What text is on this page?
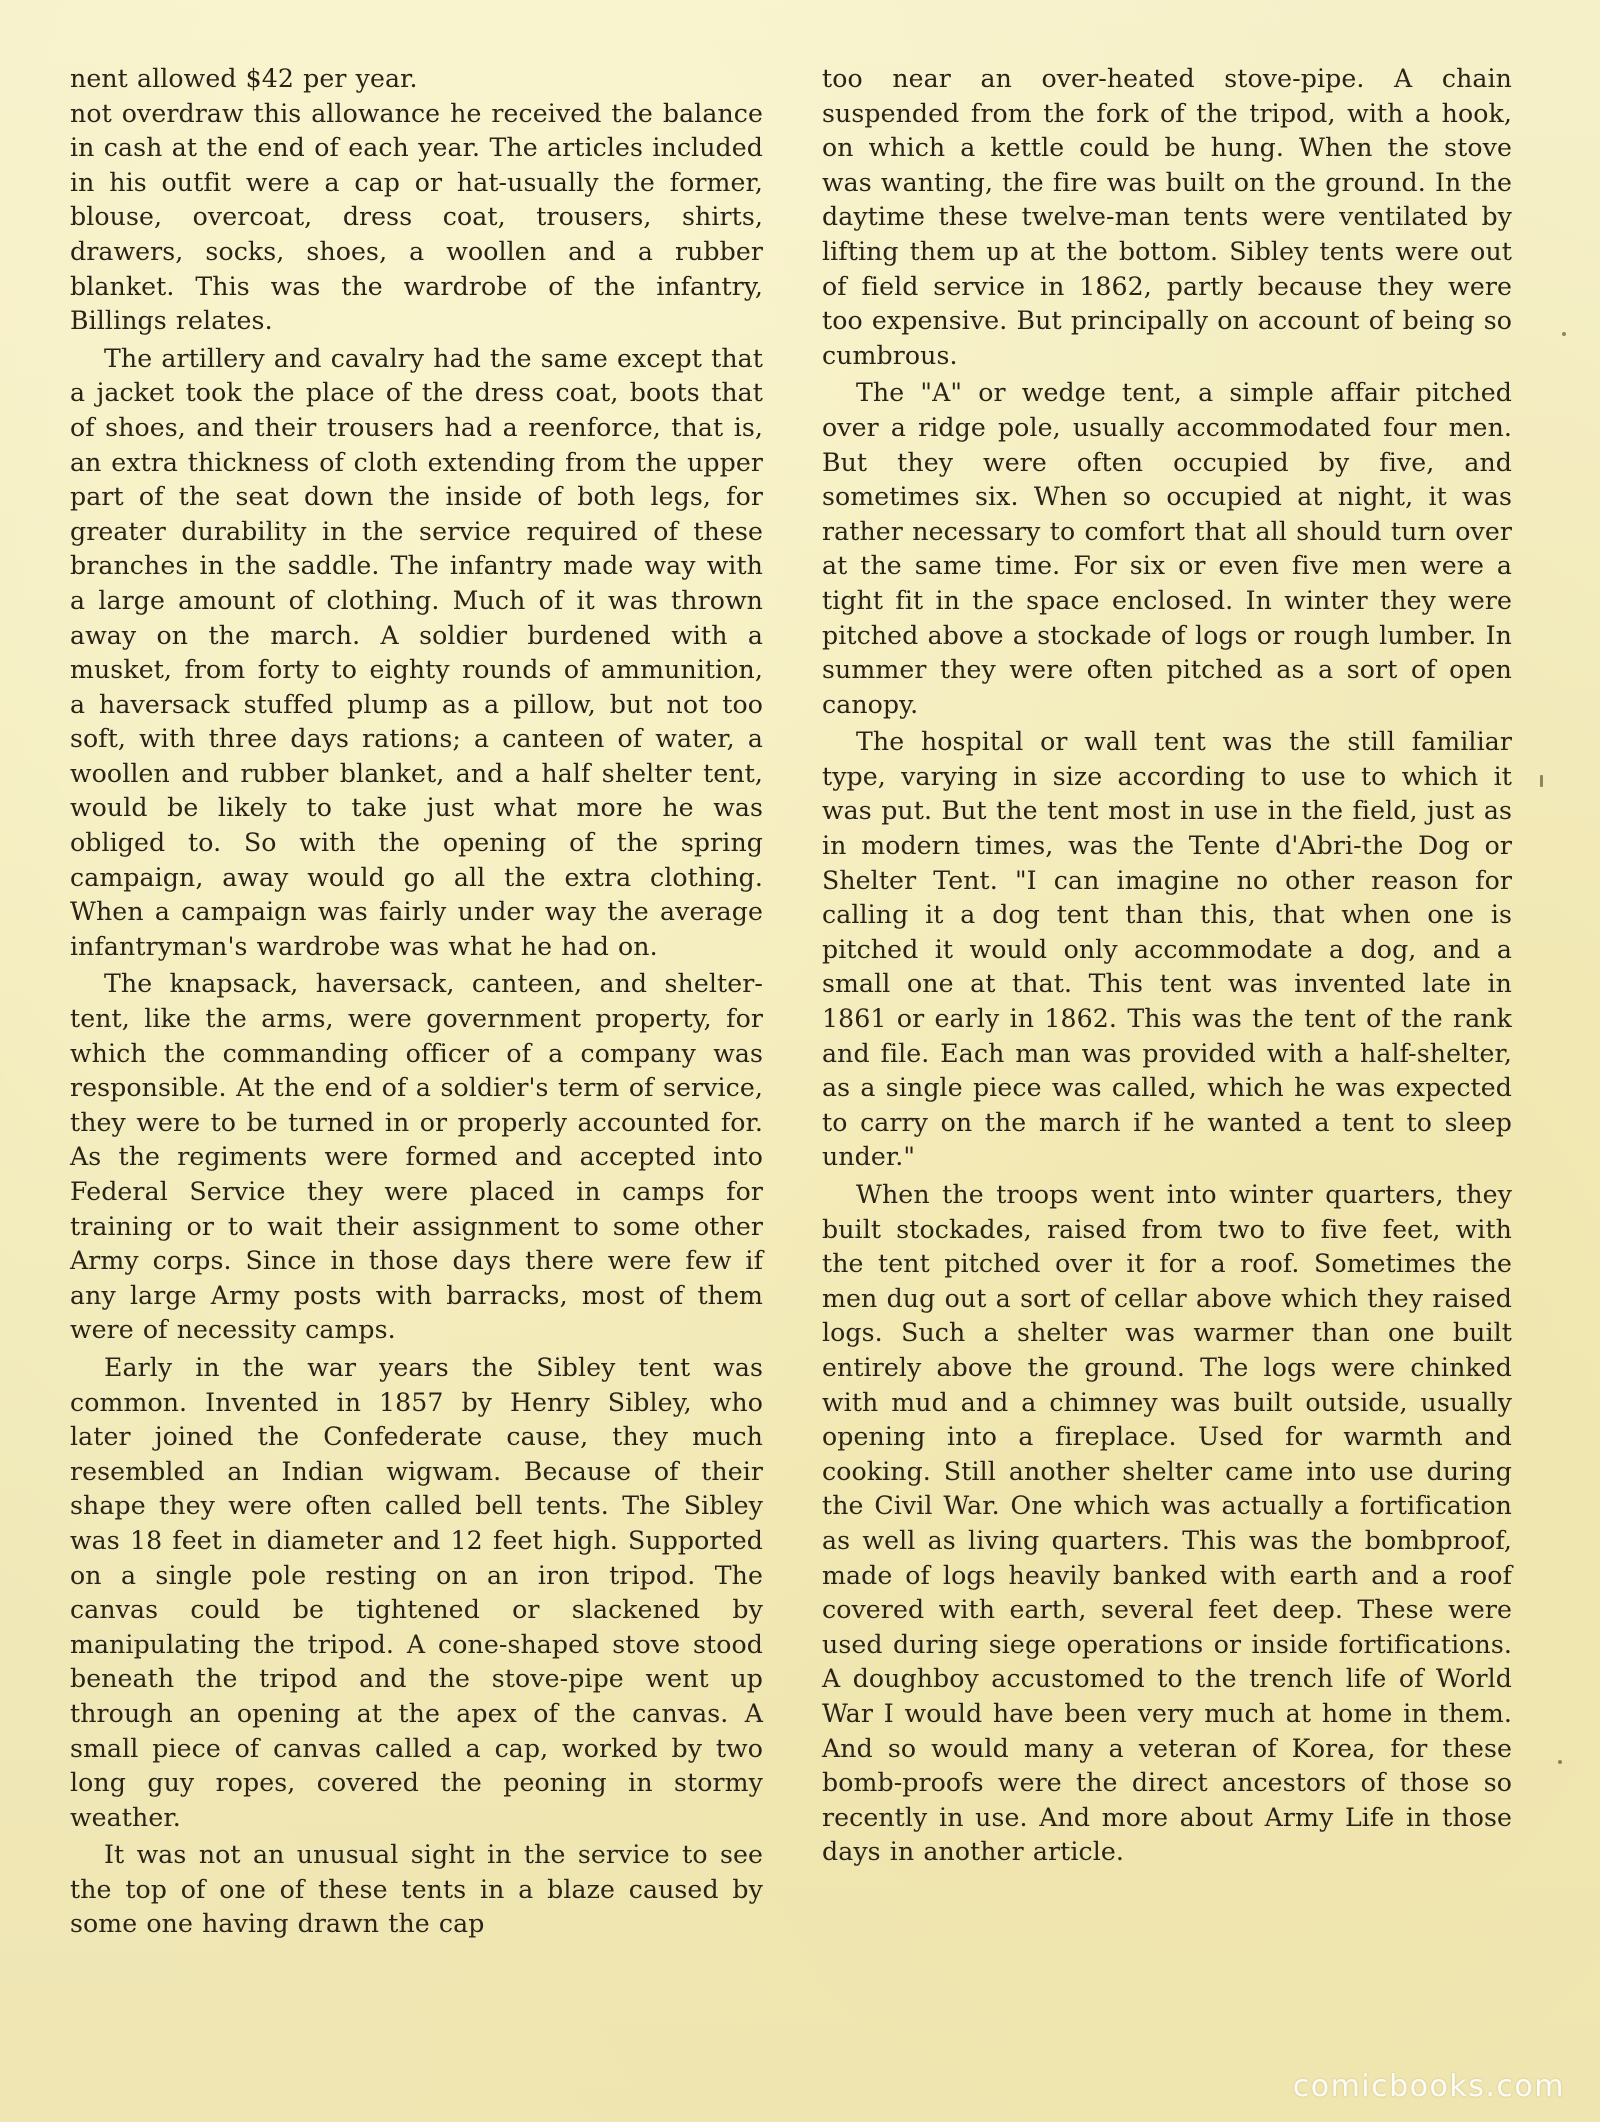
nent allowed $42 per year.

not overdraw this allowance he received the balance in cash at the end of each year. The articles included in his outfit were a cap or hat-usually the former, blouse, overcoat, dress coat, trousers, shirts, drawers, socks, shoes, a woollen and a rubber blanket. This was the wardrobe of the infantry, Billings relates.

The artillery and cavalry had the same except that a jacket took the place of the dress coat, boots that of shoes, and their trousers had a reenforce, that is, an extra thickness of cloth extending from the upper part of the seat down the inside of both legs, for greater durability in the service required of these branches in the saddle. The infantry made way with a large amount of clothing. Much of it was thrown away on the march. A soldier burdened with a musket, from forty to eighty rounds of ammunition, a haversack stuffed plump as a pillow, but not too soft, with three days rations; a canteen of water, a woollen and rubber blanket, and a half shelter tent, would be likely to take just what more he was obliged to. So with the opening of the spring campaign, away would go all the extra clothing. When a campaign was fairly under way the average infantryman's wardrobe was what he had on.

The knapsack, haversack, canteen, and shelter-tent, like the arms, were government property, for which the commanding officer of a company was responsible. At the end of a soldier's term of service, they were to be turned in or properly accounted for. As the regiments were formed and accepted into Federal Service they were placed in camps for training or to wait their assignment to some other Army corps. Since in those days there were few if any large Army posts with barracks, most of them were of necessity camps.

Early in the war years the Sibley tent was common. Invented in 1857 by Henry Sibley, who later joined the Confederate cause, they much resembled an Indian wigwam. Because of their shape they were often called bell tents. The Sibley was 18 feet in diameter and 12 feet high. Supported on a single pole resting on an iron tripod. The canvas could be tightened or slackened by manipulating the tripod. A cone-shaped stove stood beneath the tripod and the stove-pipe went up through an opening at the apex of the canvas. A small piece of canvas called a cap, worked by two long guy ropes, covered the peoning in stormy weather.

It was not an unusual sight in the service to see the top of one of these tents in a blaze caused by some one having drawn the cap

too near an over-heated stove-pipe. A chain suspended from the fork of the tripod, with a hook, on which a kettle could be hung. When the stove was wanting, the fire was built on the ground. In the daytime these twelve-man tents were ventilated by lifting them up at the bottom. Sibley tents were out of field service in 1862, partly because they were too expensive. But principally on account of being so cumbrous.

The "A" or wedge tent, a simple affair pitched over a ridge pole, usually accommodated four men. But they were often occupied by five, and sometimes six. When so occupied at night, it was rather necessary to comfort that all should turn over at the same time. For six or even five men were a tight fit in the space enclosed. In winter they were pitched above a stockade of logs or rough lumber. In summer they were often pitched as a sort of open canopy.

The hospital or wall tent was the still familiar type, varying in size according to use to which it was put. But the tent most in use in the field, just as in modern times, was the Tente d'Abri-the Dog or Shelter Tent. "I can imagine no other reason for calling it a dog tent than this, that when one is pitched it would only accommodate a dog, and a small one at that. This tent was invented late in 1861 or early in 1862. This was the tent of the rank and file. Each man was provided with a half-shelter, as a single piece was called, which he was expected to carry on the march if he wanted a tent to sleep under."

When the troops went into winter quarters, they built stockades, raised from two to five feet, with the tent pitched over it for a roof. Sometimes the men dug out a sort of cellar above which they raised logs. Such a shelter was warmer than one built entirely above the ground. The logs were chinked with mud and a chimney was built outside, usually opening into a fireplace. Used for warmth and cooking. Still another shelter came into use during the Civil War. One which was actually a fortification as well as living quarters. This was the bombproof, made of logs heavily banked with earth and a roof covered with earth, several feet deep. These were used during siege operations or inside fortifications. A doughboy accustomed to the trench life of World War I would have been very much at home in them. And so would many a veteran of Korea, for these bomb-proofs were the direct ancestors of those so recently in use. And more about Army Life in those days in another article.

comicbooks.com
